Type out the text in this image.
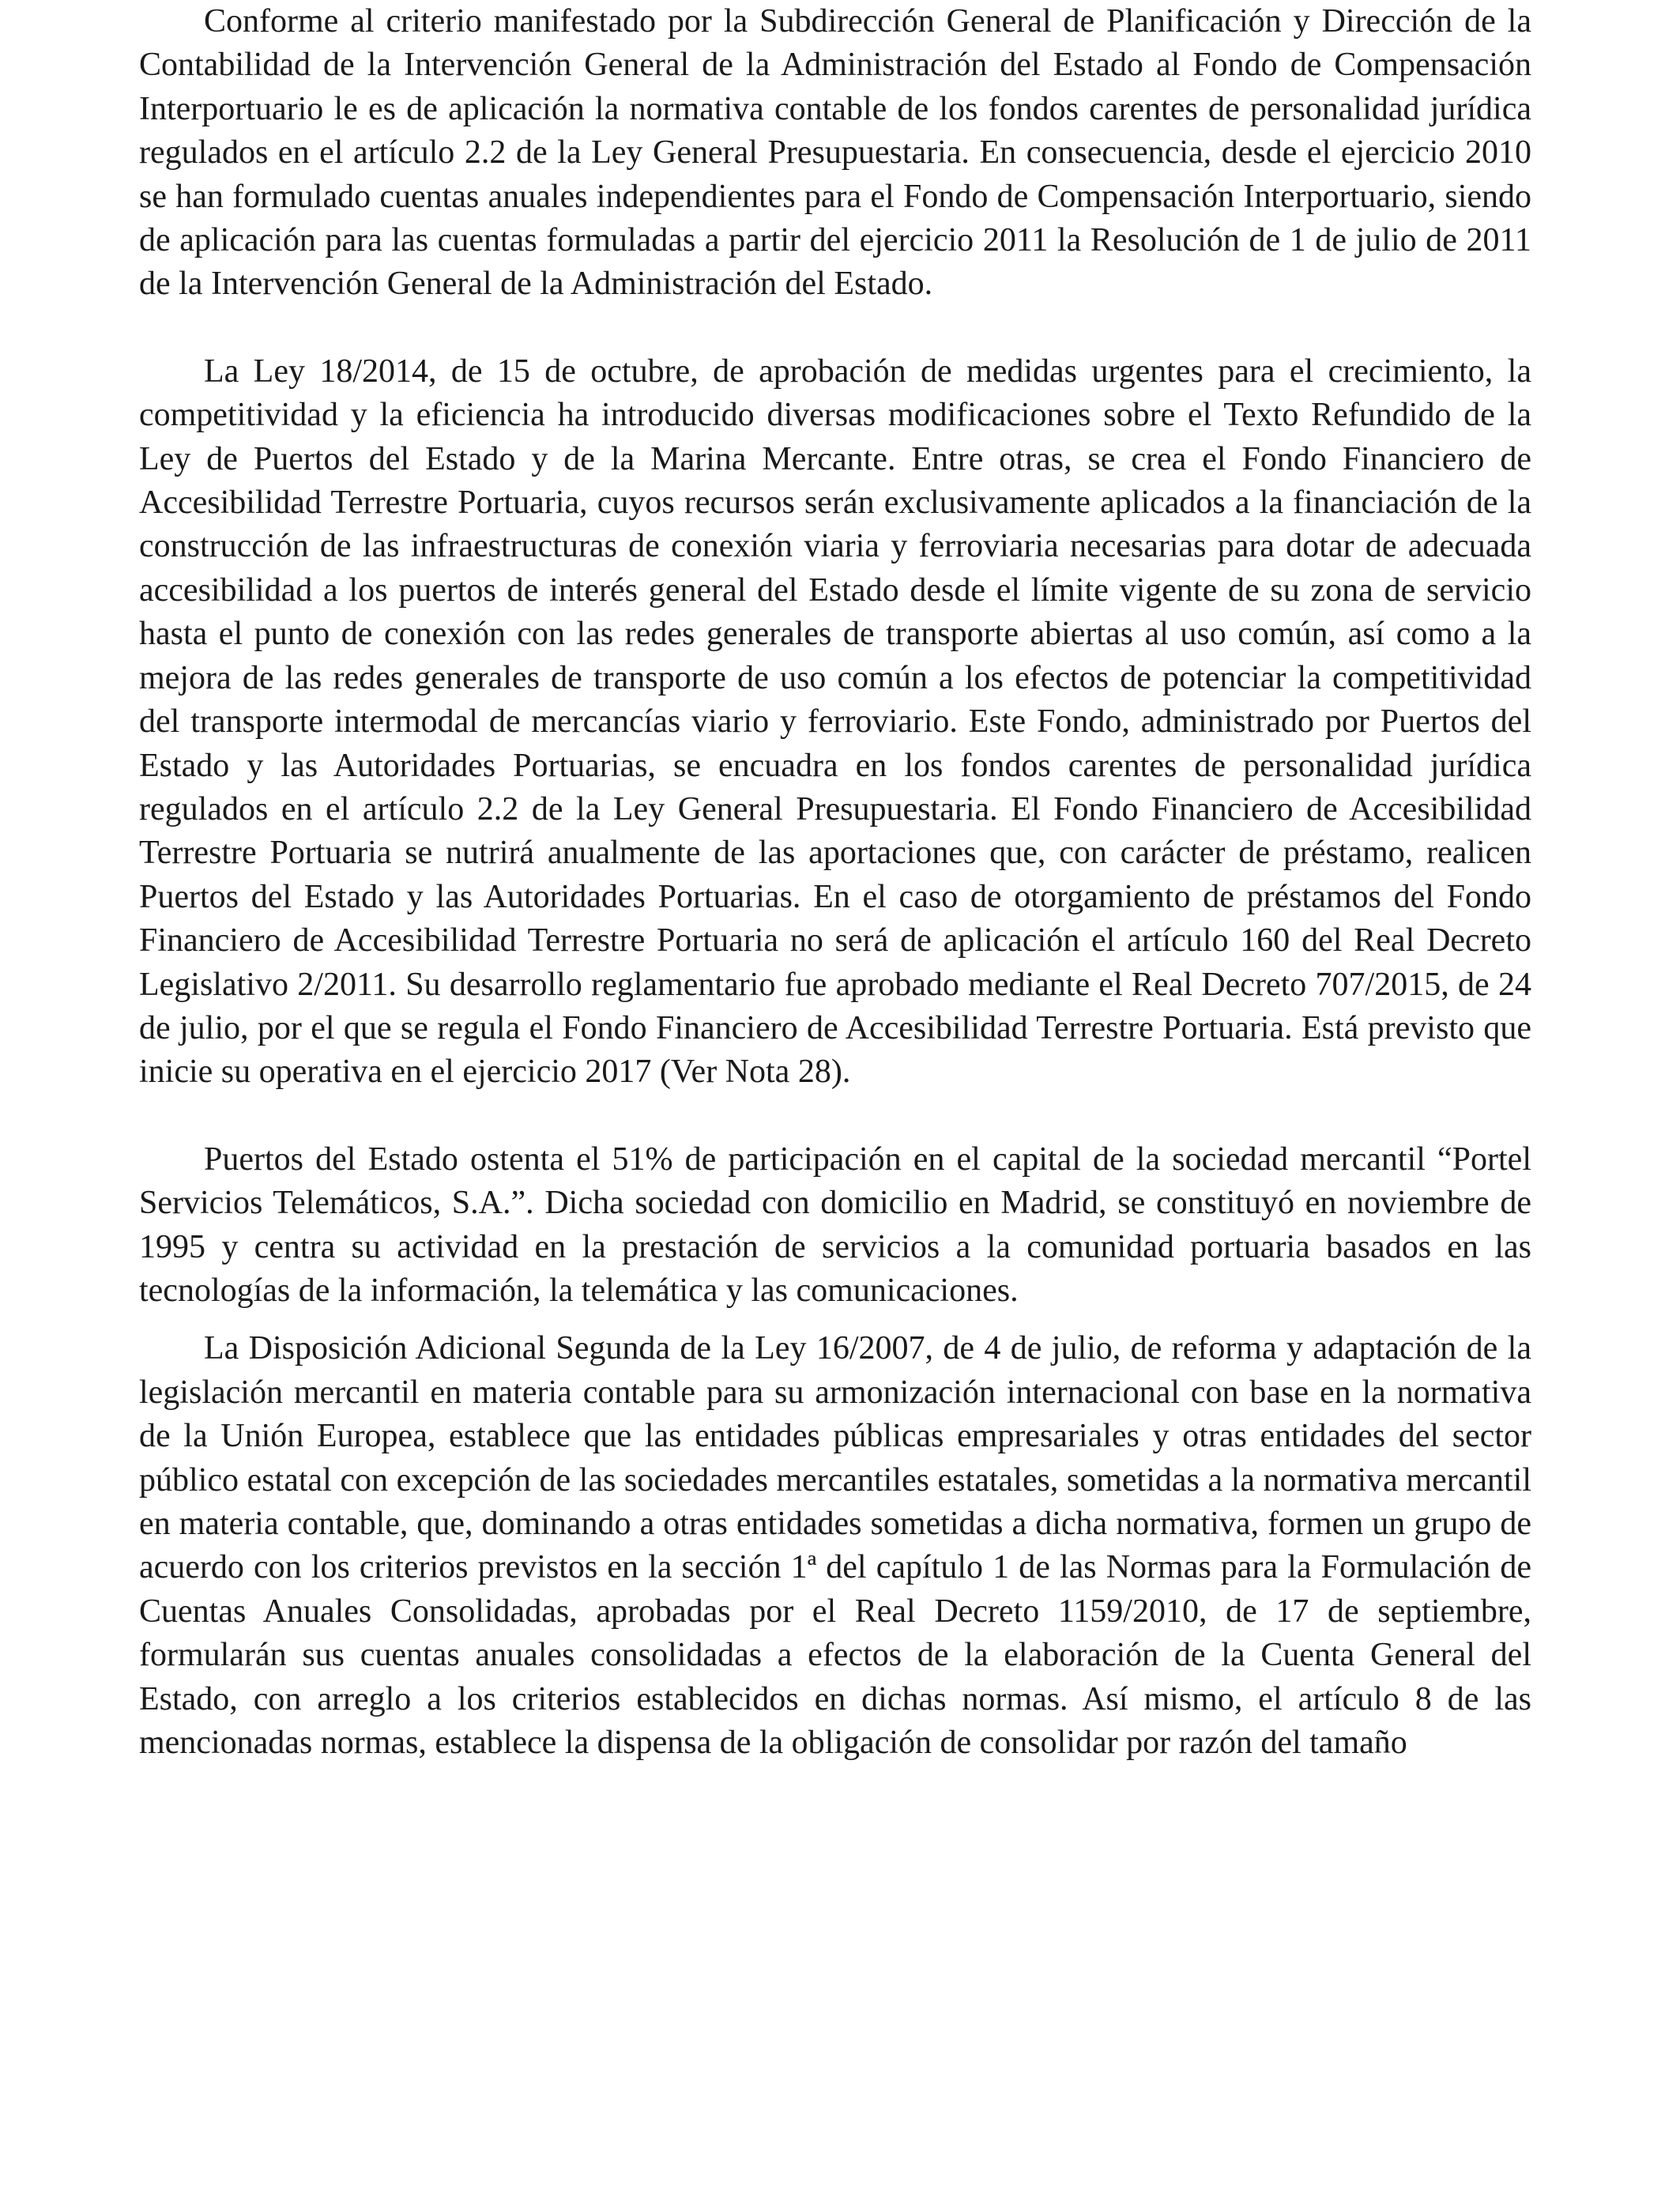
Conforme al criterio manifestado por la Subdirección General de Planificación y Dirección de la Contabilidad de la Intervención General de la Administración del Estado al Fondo de Compensación Interportuario le es de aplicación la normativa contable de los fondos carentes de personalidad jurídica regulados en el artículo 2.2 de la Ley General Presupuestaria. En consecuencia, desde el ejercicio 2010 se han formulado cuentas anuales independientes para el Fondo de Compensación Interportuario, siendo de aplicación para las cuentas formuladas a partir del ejercicio 2011 la Resolución de 1 de julio de 2011 de la Intervención General de la Administración del Estado.

La Ley 18/2014, de 15 de octubre, de aprobación de medidas urgentes para el crecimiento, la competitividad y la eficiencia ha introducido diversas modificaciones sobre el Texto Refundido de la Ley de Puertos del Estado y de la Marina Mercante. Entre otras, se crea el Fondo Financiero de Accesibilidad Terrestre Portuaria, cuyos recursos serán exclusivamente aplicados a la financiación de la construcción de las infraestructuras de conexión viaria y ferroviaria necesarias para dotar de adecuada accesibilidad a los puertos de interés general del Estado desde el límite vigente de su zona de servicio hasta el punto de conexión con las redes generales de transporte abiertas al uso común, así como a la mejora de las redes generales de transporte de uso común a los efectos de potenciar la competitividad del transporte intermodal de mercancías viario y ferroviario. Este Fondo, administrado por Puertos del Estado y las Autoridades Portuarias, se encuadra en los fondos carentes de personalidad jurídica regulados en el artículo 2.2 de la Ley General Presupuestaria. El Fondo Financiero de Accesibilidad Terrestre Portuaria se nutrirá anualmente de las aportaciones que, con carácter de préstamo, realicen Puertos del Estado y las Autoridades Portuarias. En el caso de otorgamiento de préstamos del Fondo Financiero de Accesibilidad Terrestre Portuaria no será de aplicación el artículo 160 del Real Decreto Legislativo 2/2011. Su desarrollo reglamentario fue aprobado mediante el Real Decreto 707/2015, de 24 de julio, por el que se regula el Fondo Financiero de Accesibilidad Terrestre Portuaria. Está previsto que inicie su operativa en el ejercicio 2017 (Ver Nota 28).

Puertos del Estado ostenta el 51% de participación en el capital de la sociedad mercantil “Portel Servicios Telemáticos, S.A.”. Dicha sociedad con domicilio en Madrid, se constituyó en noviembre de 1995 y centra su actividad en la prestación de servicios a la comunidad portuaria basados en las tecnologías de la información, la telemática y las comunicaciones.

La Disposición Adicional Segunda de la Ley 16/2007, de 4 de julio, de reforma y adaptación de la legislación mercantil en materia contable para su armonización internacional con base en la normativa de la Unión Europea, establece que las entidades públicas empresariales y otras entidades del sector público estatal con excepción de las sociedades mercantiles estatales, sometidas a la normativa mercantil en materia contable, que, dominando a otras entidades sometidas a dicha normativa, formen un grupo de acuerdo con los criterios previstos en la sección 1ª del capítulo 1 de las Normas para la Formulación de Cuentas Anuales Consolidadas, aprobadas por el Real Decreto 1159/2010, de 17 de septiembre, formularán sus cuentas anuales consolidadas a efectos de la elaboración de la Cuenta General del Estado, con arreglo a los criterios establecidos en dichas normas. Así mismo, el artículo 8 de las mencionadas normas, establece la dispensa de la obligación de consolidar por razón del tamaño
